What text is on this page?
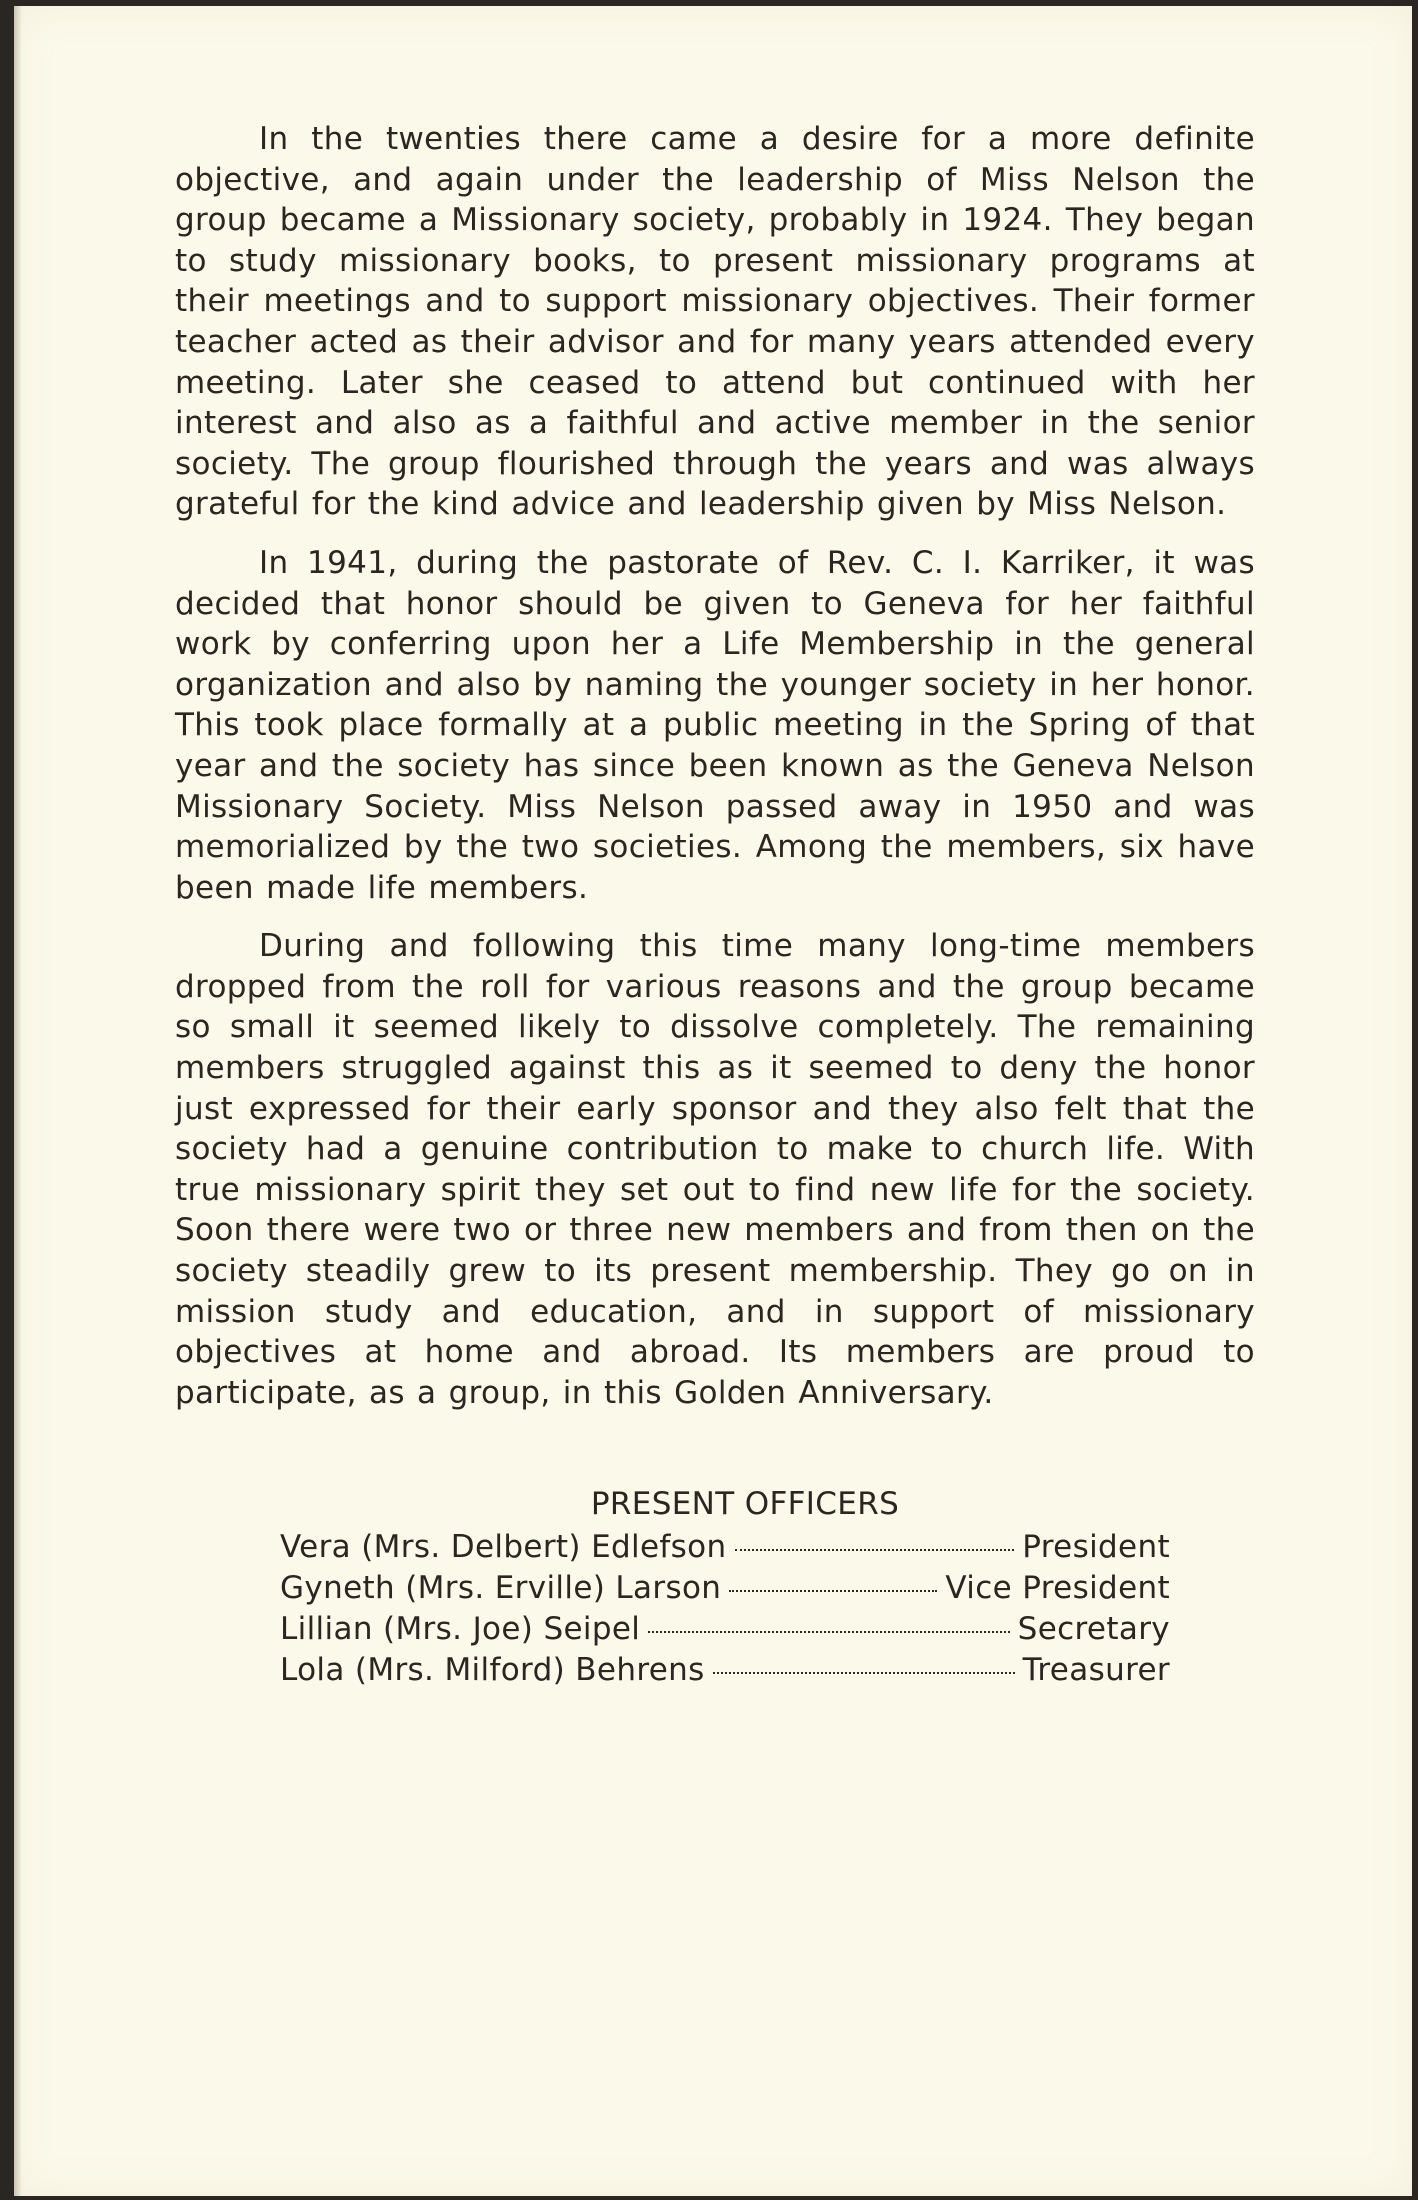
In the twenties there came a desire for a more definite objective, and again under the leadership of Miss Nelson the group became a Missionary society, probably in 1924. They began to study missionary books, to present missionary programs at their meetings and to support missionary objectives. Their former teacher acted as their advisor and for many years attended every meeting. Later she ceased to attend but continued with her interest and also as a faithful and active member in the senior society. The group flourished through the years and was always grateful for the kind advice and leadership given by Miss Nelson.

In 1941, during the pastorate of Rev. C. I. Karriker, it was decided that honor should be given to Geneva for her faithful work by conferring upon her a Life Membership in the general organization and also by naming the younger society in her honor. This took place formally at a public meeting in the Spring of that year and the society has since been known as the Geneva Nelson Missionary Society. Miss Nelson passed away in 1950 and was memorialized by the two societies. Among the members, six have been made life members.

During and following this time many long-time members dropped from the roll for various reasons and the group became so small it seemed likely to dissolve completely. The remaining members struggled against this as it seemed to deny the honor just expressed for their early sponsor and they also felt that the society had a genuine contribution to make to church life. With true missionary spirit they set out to find new life for the society. Soon there were two or three new members and from then on the society steadily grew to its present membership. They go on in mission study and education, and in support of missionary objectives at home and abroad. Its members are proud to participate, as a group, in this Golden Anniversary.

PRESENT OFFICERS
Vera (Mrs. Delbert) Edlefson	President
Gyneth (Mrs. Erville) Larson	Vice President
Lillian (Mrs. Joe) Seipel	Secretary
Lola (Mrs. Milford) Behrens	Treasurer
